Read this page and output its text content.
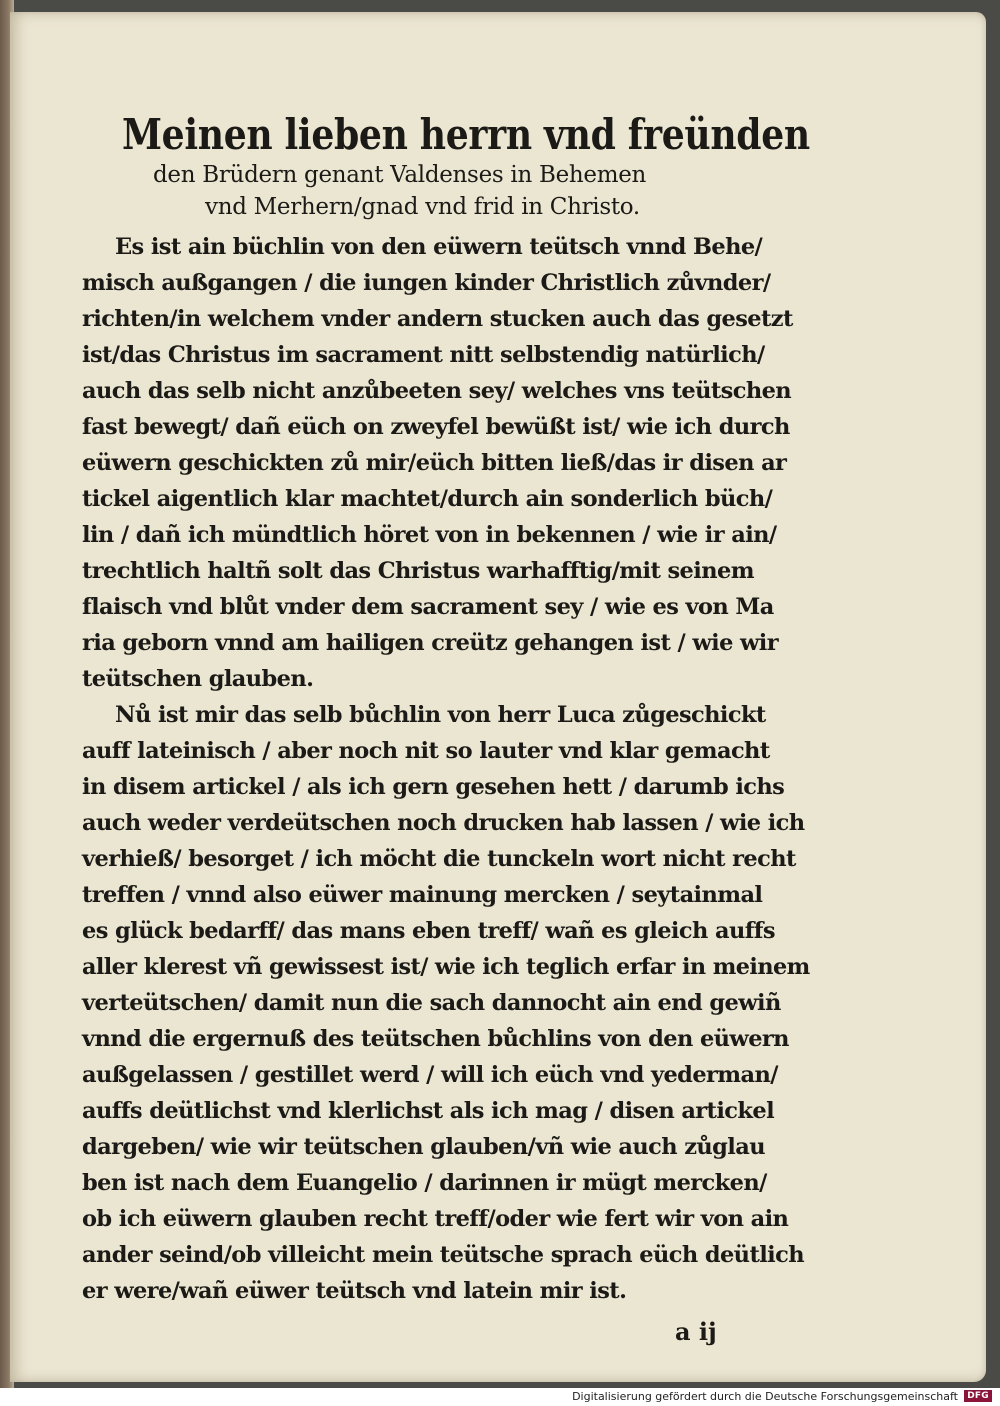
Meinen lieben herrn vnd freünden

den Brüdern genant Valdenses in Behemen

vnd Merhern/gnad vnd frid in Christo.

Es ist ain büchlin von den eüwern teütsch vnnd Behe/

misch außgangen / die iungen kinder Christlich zůvnder/

richten/in welchem vnder andern stucken auch das gesetzt

ist/das Christus im sacrament nitt selbstendig natürlich/

auch das selb nicht anzůbeeten sey/ welches vns teütschen

fast bewegt/ dañ eüch on zweyfel bewüßt ist/ wie ich durch

eüwern geschickten zů mir/eüch bitten ließ/das ir disen ar

tickel aigentlich klar machtet/durch ain sonderlich büch/

lin / dañ ich mündtlich höret von in bekennen / wie ir ain/

trechtlich haltñ solt das Christus warhafftig/mit seinem

flaisch vnd blůt vnder dem sacrament sey / wie es von Ma

ria geborn vnnd am hailigen creütz gehangen ist / wie wir

teütschen glauben.

Nů ist mir das selb bůchlin von herr Luca zůgeschickt

auff lateinisch / aber noch nit so lauter vnd klar gemacht

in disem artickel / als ich gern gesehen hett / darumb ichs

auch weder verdeütschen noch drucken hab lassen / wie ich

verhieß/ besorget / ich möcht die tunckeln wort nicht recht

treffen / vnnd also eüwer mainung mercken / seytainmal

es glück bedarff/ das mans eben treff/ wañ es gleich auffs

aller klerest vñ gewissest ist/ wie ich teglich erfar in meinem

verteütschen/ damit nun die sach dannocht ain end gewiñ

vnnd die ergernuß des teütschen bůchlins von den eüwern

außgelassen / gestillet werd / will ich eüch vnd yederman/

auffs deütlichst vnd klerlichst als ich mag / disen artickel

dargeben/ wie wir teütschen glauben/vñ wie auch zůglau

ben ist nach dem Euangelio / darinnen ir mügt mercken/

ob ich eüwern glauben recht treff/oder wie fert wir von ain

ander seind/ob villeicht mein teütsche sprach eüch deütlich

er were/wañ eüwer teütsch vnd latein mir ist.

a ij

Digitalisierung gefördert durch die Deutsche Forschungsgemeinschaft	DFG
